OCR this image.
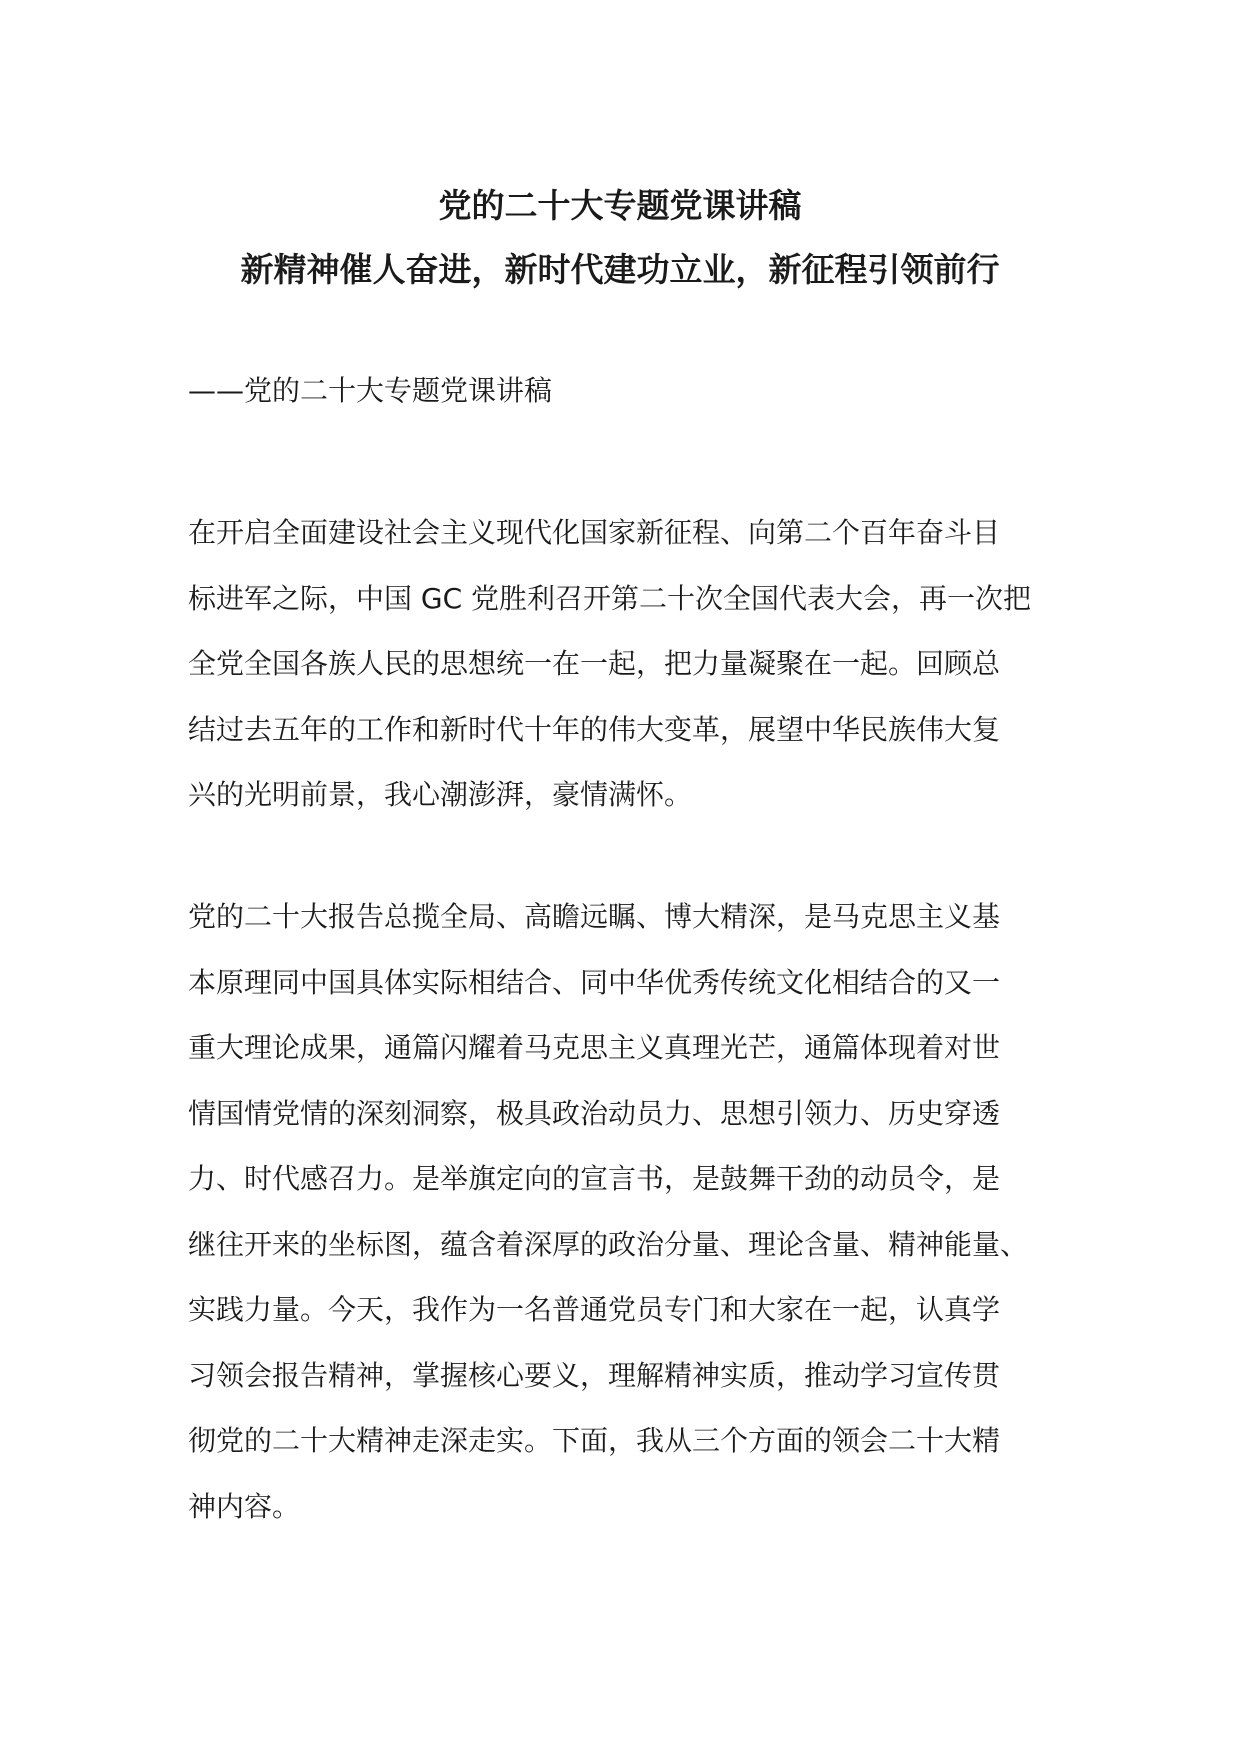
党的二十大专题党课讲稿
新精神催人奋进，新时代建功立业，新征程引领前行
——党的二十大专题党课讲稿
在开启全面建设社会主义现代化国家新征程、向第二个百年奋斗目
标进军之际，中国 GC 党胜利召开第二十次全国代表大会，再一次把
全党全国各族人民的思想统一在一起，把力量凝聚在一起。回顾总
结过去五年的工作和新时代十年的伟大变革，展望中华民族伟大复
兴的光明前景，我心潮澎湃，豪情满怀。
党的二十大报告总揽全局、高瞻远瞩、博大精深，是马克思主义基
本原理同中国具体实际相结合、同中华优秀传统文化相结合的又一
重大理论成果，通篇闪耀着马克思主义真理光芒，通篇体现着对世
情国情党情的深刻洞察，极具政治动员力、思想引领力、历史穿透
力、时代感召力。是举旗定向的宣言书，是鼓舞干劲的动员令，是
继往开来的坐标图，蕴含着深厚的政治分量、理论含量、精神能量、
实践力量。今天，我作为一名普通党员专门和大家在一起，认真学
习领会报告精神，掌握核心要义，理解精神实质，推动学习宣传贯
彻党的二十大精神走深走实。下面，我从三个方面的领会二十大精
神内容。
